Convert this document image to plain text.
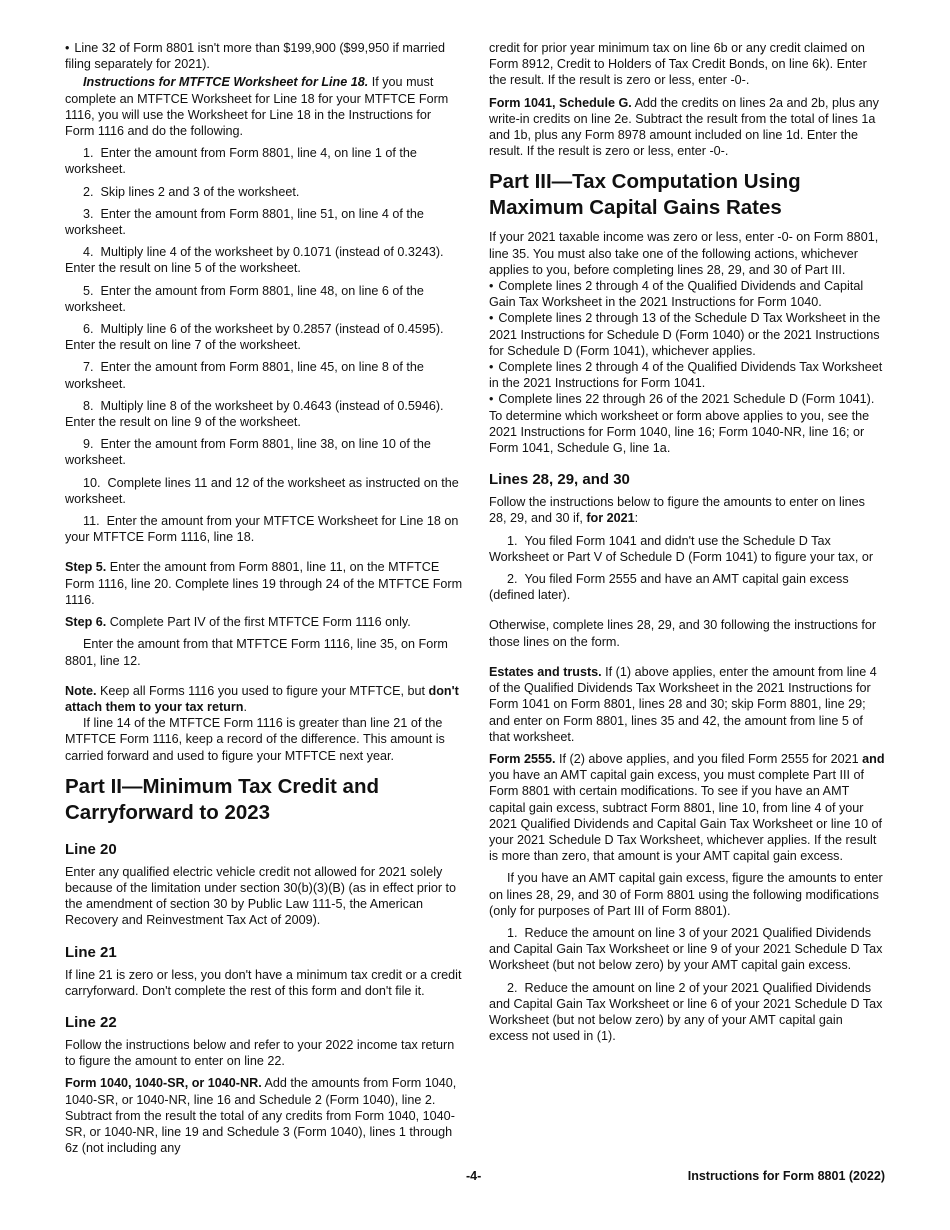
• Line 32 of Form 8801 isn't more than $199,900 ($99,950 if married filing separately for 2021).

Instructions for MTFTCE Worksheet for Line 18. If you must complete an MTFTCE Worksheet for Line 18 for your MTFTCE Form 1116, you will use the Worksheet for Line 18 in the Instructions for Form 1116 and do the following.

1.  Enter the amount from Form 8801, line 4, on line 1 of the worksheet.

2.  Skip lines 2 and 3 of the worksheet.

3.  Enter the amount from Form 8801, line 51, on line 4 of the worksheet.

4.  Multiply line 4 of the worksheet by 0.1071 (instead of 0.3243). Enter the result on line 5 of the worksheet.

5.  Enter the amount from Form 8801, line 48, on line 6 of the worksheet.

6.  Multiply line 6 of the worksheet by 0.2857 (instead of 0.4595). Enter the result on line 7 of the worksheet.

7.  Enter the amount from Form 8801, line 45, on line 8 of the worksheet.

8.  Multiply line 8 of the worksheet by 0.4643 (instead of 0.5946). Enter the result on line 9 of the worksheet.

9.  Enter the amount from Form 8801, line 38, on line 10 of the worksheet.

10.  Complete lines 11 and 12 of the worksheet as instructed on the worksheet.

11.  Enter the amount from your MTFTCE Worksheet for Line 18 on your MTFTCE Form 1116, line 18.

Step 5. Enter the amount from Form 8801, line 11, on the MTFTCE Form 1116, line 20. Complete lines 19 through 24 of the MTFTCE Form 1116.

Step 6. Complete Part IV of the first MTFTCE Form 1116 only.

Enter the amount from that MTFTCE Form 1116, line 35, on Form 8801, line 12.

Note. Keep all Forms 1116 you used to figure your MTFTCE, but don't attach them to your tax return.

If line 14 of the MTFTCE Form 1116 is greater than line 21 of the MTFTCE Form 1116, keep a record of the difference. This amount is carried forward and used to figure your MTFTCE next year.

Part II—Minimum Tax Credit and Carryforward to 2023
Line 20

Enter any qualified electric vehicle credit not allowed for 2021 solely because of the limitation under section 30(b)(3)(B) (as in effect prior to the amendment of section 30 by Public Law 111-5, the American Recovery and Reinvestment Tax Act of 2009).

Line 21

If line 21 is zero or less, you don't have a minimum tax credit or a credit carryforward. Don't complete the rest of this form and don't file it.

Line 22

Follow the instructions below and refer to your 2022 income tax return to figure the amount to enter on line 22.

Form 1040, 1040-SR, or 1040-NR. Add the amounts from Form 1040, 1040-SR, or 1040-NR, line 16 and Schedule 2 (Form 1040), line 2. Subtract from the result the total of any credits from Form 1040, 1040-SR, or 1040-NR, line 19 and Schedule 3 (Form 1040), lines 1 through 6z (not including any

credit for prior year minimum tax on line 6b or any credit claimed on Form 8912, Credit to Holders of Tax Credit Bonds, on line 6k). Enter the result. If the result is zero or less, enter -0-.

Form 1041, Schedule G. Add the credits on lines 2a and 2b, plus any write-in credits on line 2e. Subtract the result from the total of lines 1a and 1b, plus any Form 8978 amount included on line 1d. Enter the result. If the result is zero or less, enter -0-.

Part III—Tax Computation Using Maximum Capital Gains Rates

If your 2021 taxable income was zero or less, enter -0- on Form 8801, line 35. You must also take one of the following actions, whichever applies to you, before completing lines 28, 29, and 30 of Part III.

• Complete lines 2 through 4 of the Qualified Dividends and Capital Gain Tax Worksheet in the 2021 Instructions for Form 1040.

• Complete lines 2 through 13 of the Schedule D Tax Worksheet in the 2021 Instructions for Schedule D (Form 1040) or the 2021 Instructions for Schedule D (Form 1041), whichever applies.

• Complete lines 2 through 4 of the Qualified Dividends Tax Worksheet in the 2021 Instructions for Form 1041.

• Complete lines 22 through 26 of the 2021 Schedule D (Form 1041).

To determine which worksheet or form above applies to you, see the 2021 Instructions for Form 1040, line 16; Form 1040-NR, line 16; or Form 1041, Schedule G, line 1a.

Lines 28, 29, and 30

Follow the instructions below to figure the amounts to enter on lines 28, 29, and 30 if, for 2021:

1.  You filed Form 1041 and didn't use the Schedule D Tax Worksheet or Part V of Schedule D (Form 1041) to figure your tax, or

2.  You filed Form 2555 and have an AMT capital gain excess (defined later).

Otherwise, complete lines 28, 29, and 30 following the instructions for those lines on the form.

Estates and trusts. If (1) above applies, enter the amount from line 4 of the Qualified Dividends Tax Worksheet in the 2021 Instructions for Form 1041 on Form 8801, lines 28 and 30; skip Form 8801, line 29; and enter on Form 8801, lines 35 and 42, the amount from line 5 of that worksheet.

Form 2555. If (2) above applies, and you filed Form 2555 for 2021 and you have an AMT capital gain excess, you must complete Part III of Form 8801 with certain modifications. To see if you have an AMT capital gain excess, subtract Form 8801, line 10, from line 4 of your 2021 Qualified Dividends and Capital Gain Tax Worksheet or line 10 of your 2021 Schedule D Tax Worksheet, whichever applies. If the result is more than zero, that amount is your AMT capital gain excess.

If you have an AMT capital gain excess, figure the amounts to enter on lines 28, 29, and 30 of Form 8801 using the following modifications (only for purposes of Part III of Form 8801).

1.  Reduce the amount on line 3 of your 2021 Qualified Dividends and Capital Gain Tax Worksheet or line 9 of your 2021 Schedule D Tax Worksheet (but not below zero) by your AMT capital gain excess.

2.  Reduce the amount on line 2 of your 2021 Qualified Dividends and Capital Gain Tax Worksheet or line 6 of your 2021 Schedule D Tax Worksheet (but not below zero) by any of your AMT capital gain excess not used in (1).

-4-	Instructions for Form 8801 (2022)
